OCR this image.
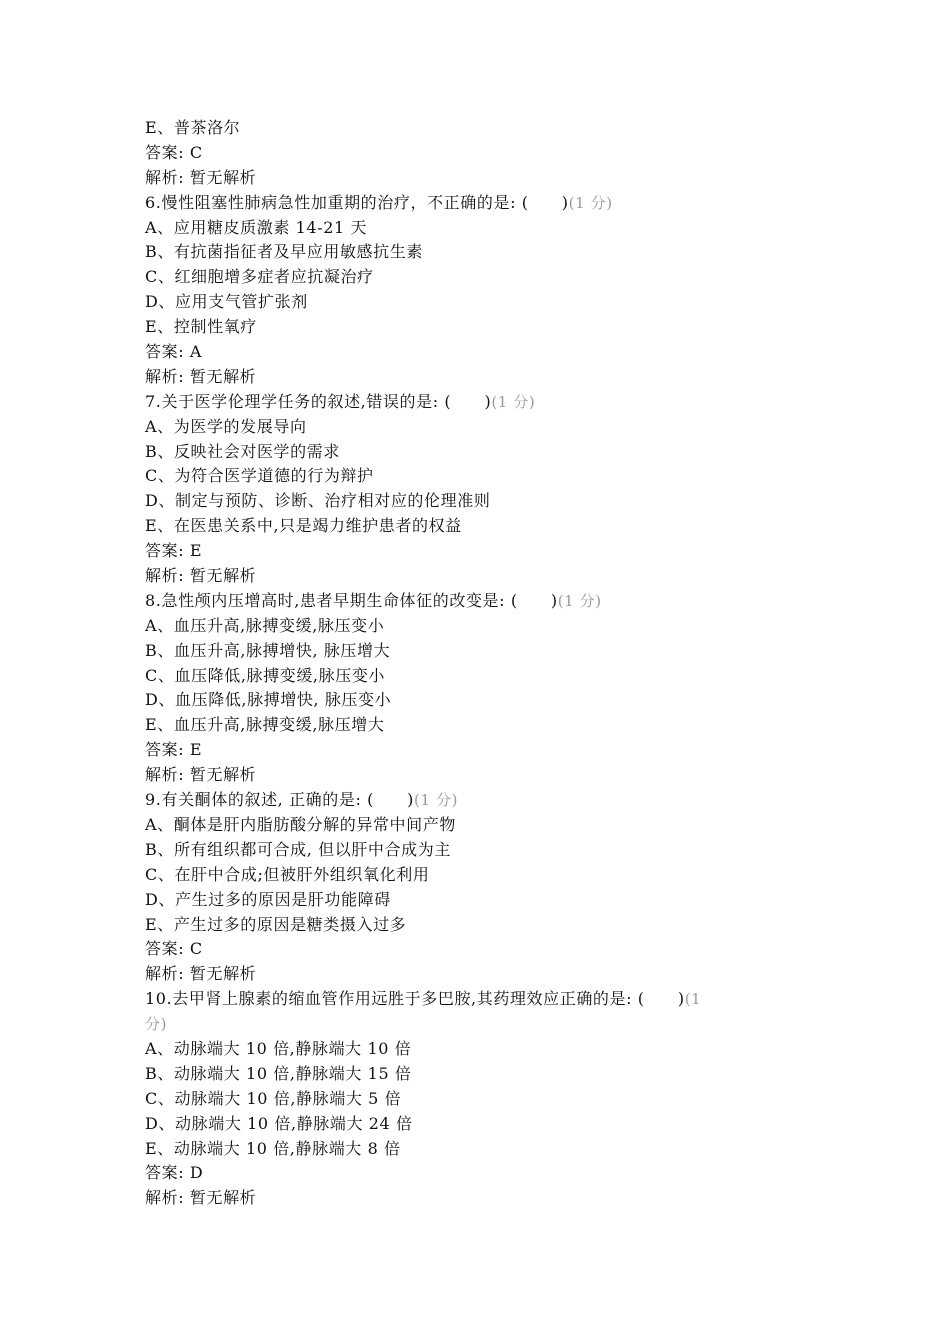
E、普茶洛尔
答案: C
解析: 暂无解析
6.慢性阻塞性肺病急性加重期的治疗，不正确的是: (　　)(1 分)
A、应用糖皮质激素 14-21 天
B、有抗菌指征者及早应用敏感抗生素
C、红细胞增多症者应抗凝治疗
D、应用支气管扩张剂
E、控制性氧疗
答案: A
解析: 暂无解析
7.关于医学伦理学任务的叙述,错误的是: (　　)(1 分)
A、为医学的发展导向
B、反映社会对医学的需求
C、为符合医学道德的行为辩护
D、制定与预防、诊断、治疗相对应的伦理准则
E、在医患关系中,只是竭力维护患者的权益
答案: E
解析: 暂无解析
8.急性颅内压增高时,患者早期生命体征的改变是: (　　)(1 分)
A、血压升高,脉搏变缓,脉压变小
B、血压升高,脉搏增快, 脉压增大
C、血压降低,脉搏变缓,脉压变小
D、血压降低,脉搏增快, 脉压变小
E、血压升高,脉搏变缓,脉压增大
答案: E
解析: 暂无解析
9.有关酮体的叙述, 正确的是: (　　)(1 分)
A、酮体是肝内脂肪酸分解的异常中间产物
B、所有组织都可合成, 但以肝中合成为主
C、在肝中合成;但被肝外组织氧化利用
D、产生过多的原因是肝功能障碍
E、产生过多的原因是糖类摄入过多
答案: C
解析: 暂无解析
10.去甲肾上腺素的缩血管作用远胜于多巴胺,其药理效应正确的是: (　　)(1
分)
A、动脉端大 10 倍,静脉端大 10 倍
B、动脉端大 10 倍,静脉端大 15 倍
C、动脉端大 10 倍,静脉端大 5 倍
D、动脉端大 10 倍,静脉端大 24 倍
E、动脉端大 10 倍,静脉端大 8 倍
答案: D
解析: 暂无解析
